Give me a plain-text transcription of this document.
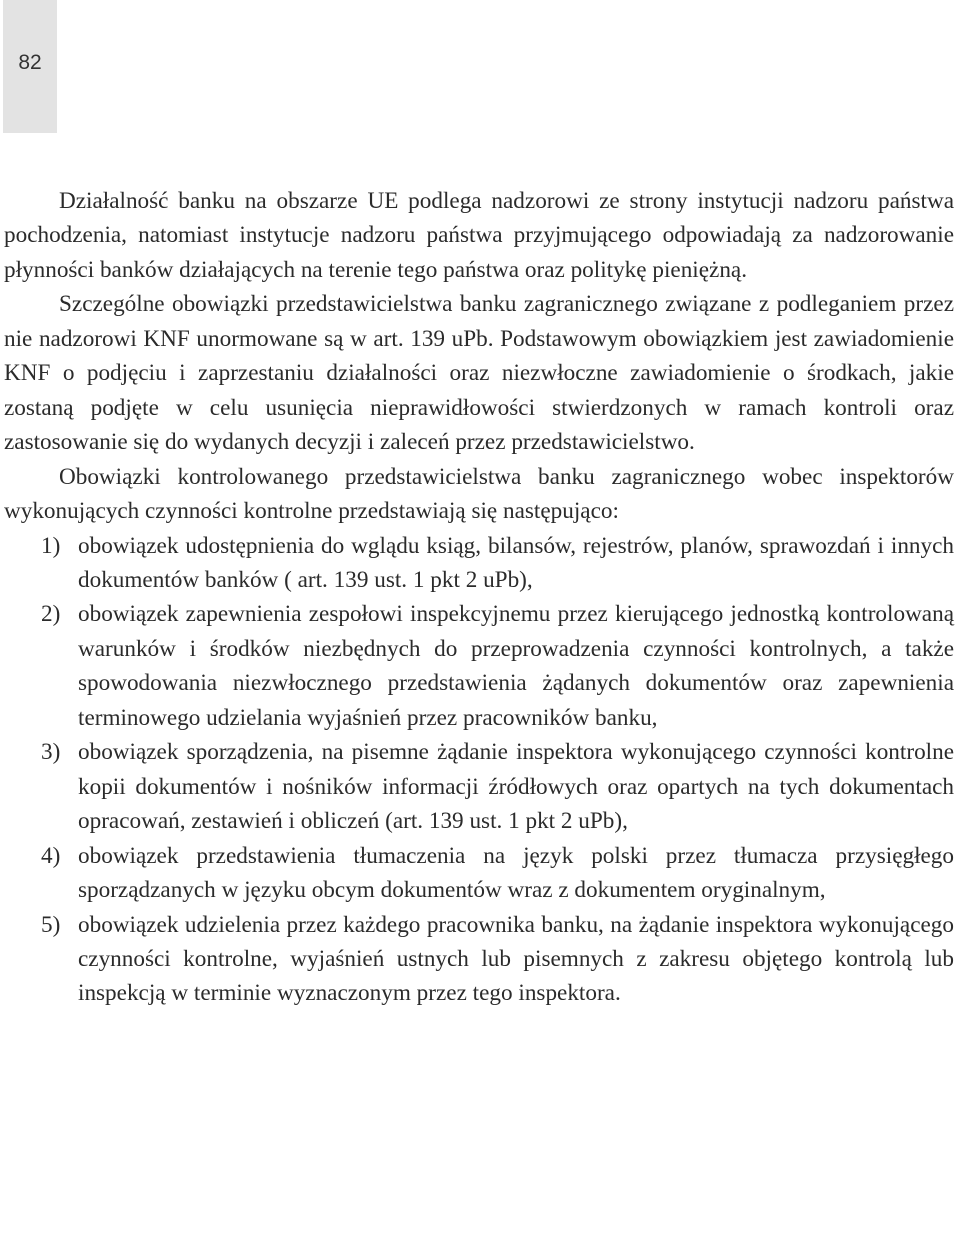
82

Działalność banku na obszarze UE podlega nadzorowi ze strony instytucji nadzoru państwa pochodzenia, natomiast instytucje nadzoru państwa przyjmującego odpowiadają za nadzorowanie płynności banków działających na terenie tego państwa oraz politykę pieniężną.

Szczególne obowiązki przedstawicielstwa banku zagranicznego związane z podleganiem przez nie nadzorowi KNF unormowane są w art. 139 uPb. Podstawowym obowiązkiem jest zawiadomienie KNF o podjęciu i zaprzestaniu działalności oraz niezwłoczne zawiadomienie o środkach, jakie zostaną podjęte w celu usunięcia nieprawidłowości stwierdzonych w ramach kontroli oraz zastosowanie się do wydanych decyzji i zaleceń przez przedstawicielstwo.

Obowiązki kontrolowanego przedstawicielstwa banku zagranicznego wobec inspektorów wykonujących czynności kontrolne przedstawiają się następująco:

1) obowiązek udostępnienia do wglądu ksiąg, bilansów, rejestrów, planów, sprawozdań i innych dokumentów banków ( art. 139 ust. 1 pkt 2 uPb),
2) obowiązek zapewnienia zespołowi inspekcyjnemu przez kierującego jednostką kontrolowaną warunków i środków niezbędnych do przeprowadzenia czynności kontrolnych, a także spowodowania niezwłocznego przedstawienia żądanych dokumentów oraz zapewnienia terminowego udzielania wyjaśnień przez pracowników banku,
3) obowiązek sporządzenia, na pisemne żądanie inspektora wykonującego czynności kontrolne kopii dokumentów i nośników informacji źródłowych oraz opartych na tych dokumentach opracowań, zestawień i obliczeń (art. 139 ust. 1 pkt 2 uPb),
4) obowiązek przedstawienia tłumaczenia na język polski przez tłumacza przysięgłego sporządzanych w języku obcym dokumentów wraz z dokumentem oryginalnym,
5) obowiązek udzielenia przez każdego pracownika banku, na żądanie inspektora wykonującego czynności kontrolne, wyjaśnień ustnych lub pisemnych z zakresu objętego kontrolą lub inspekcją w terminie wyznaczonym przez tego inspektora.
